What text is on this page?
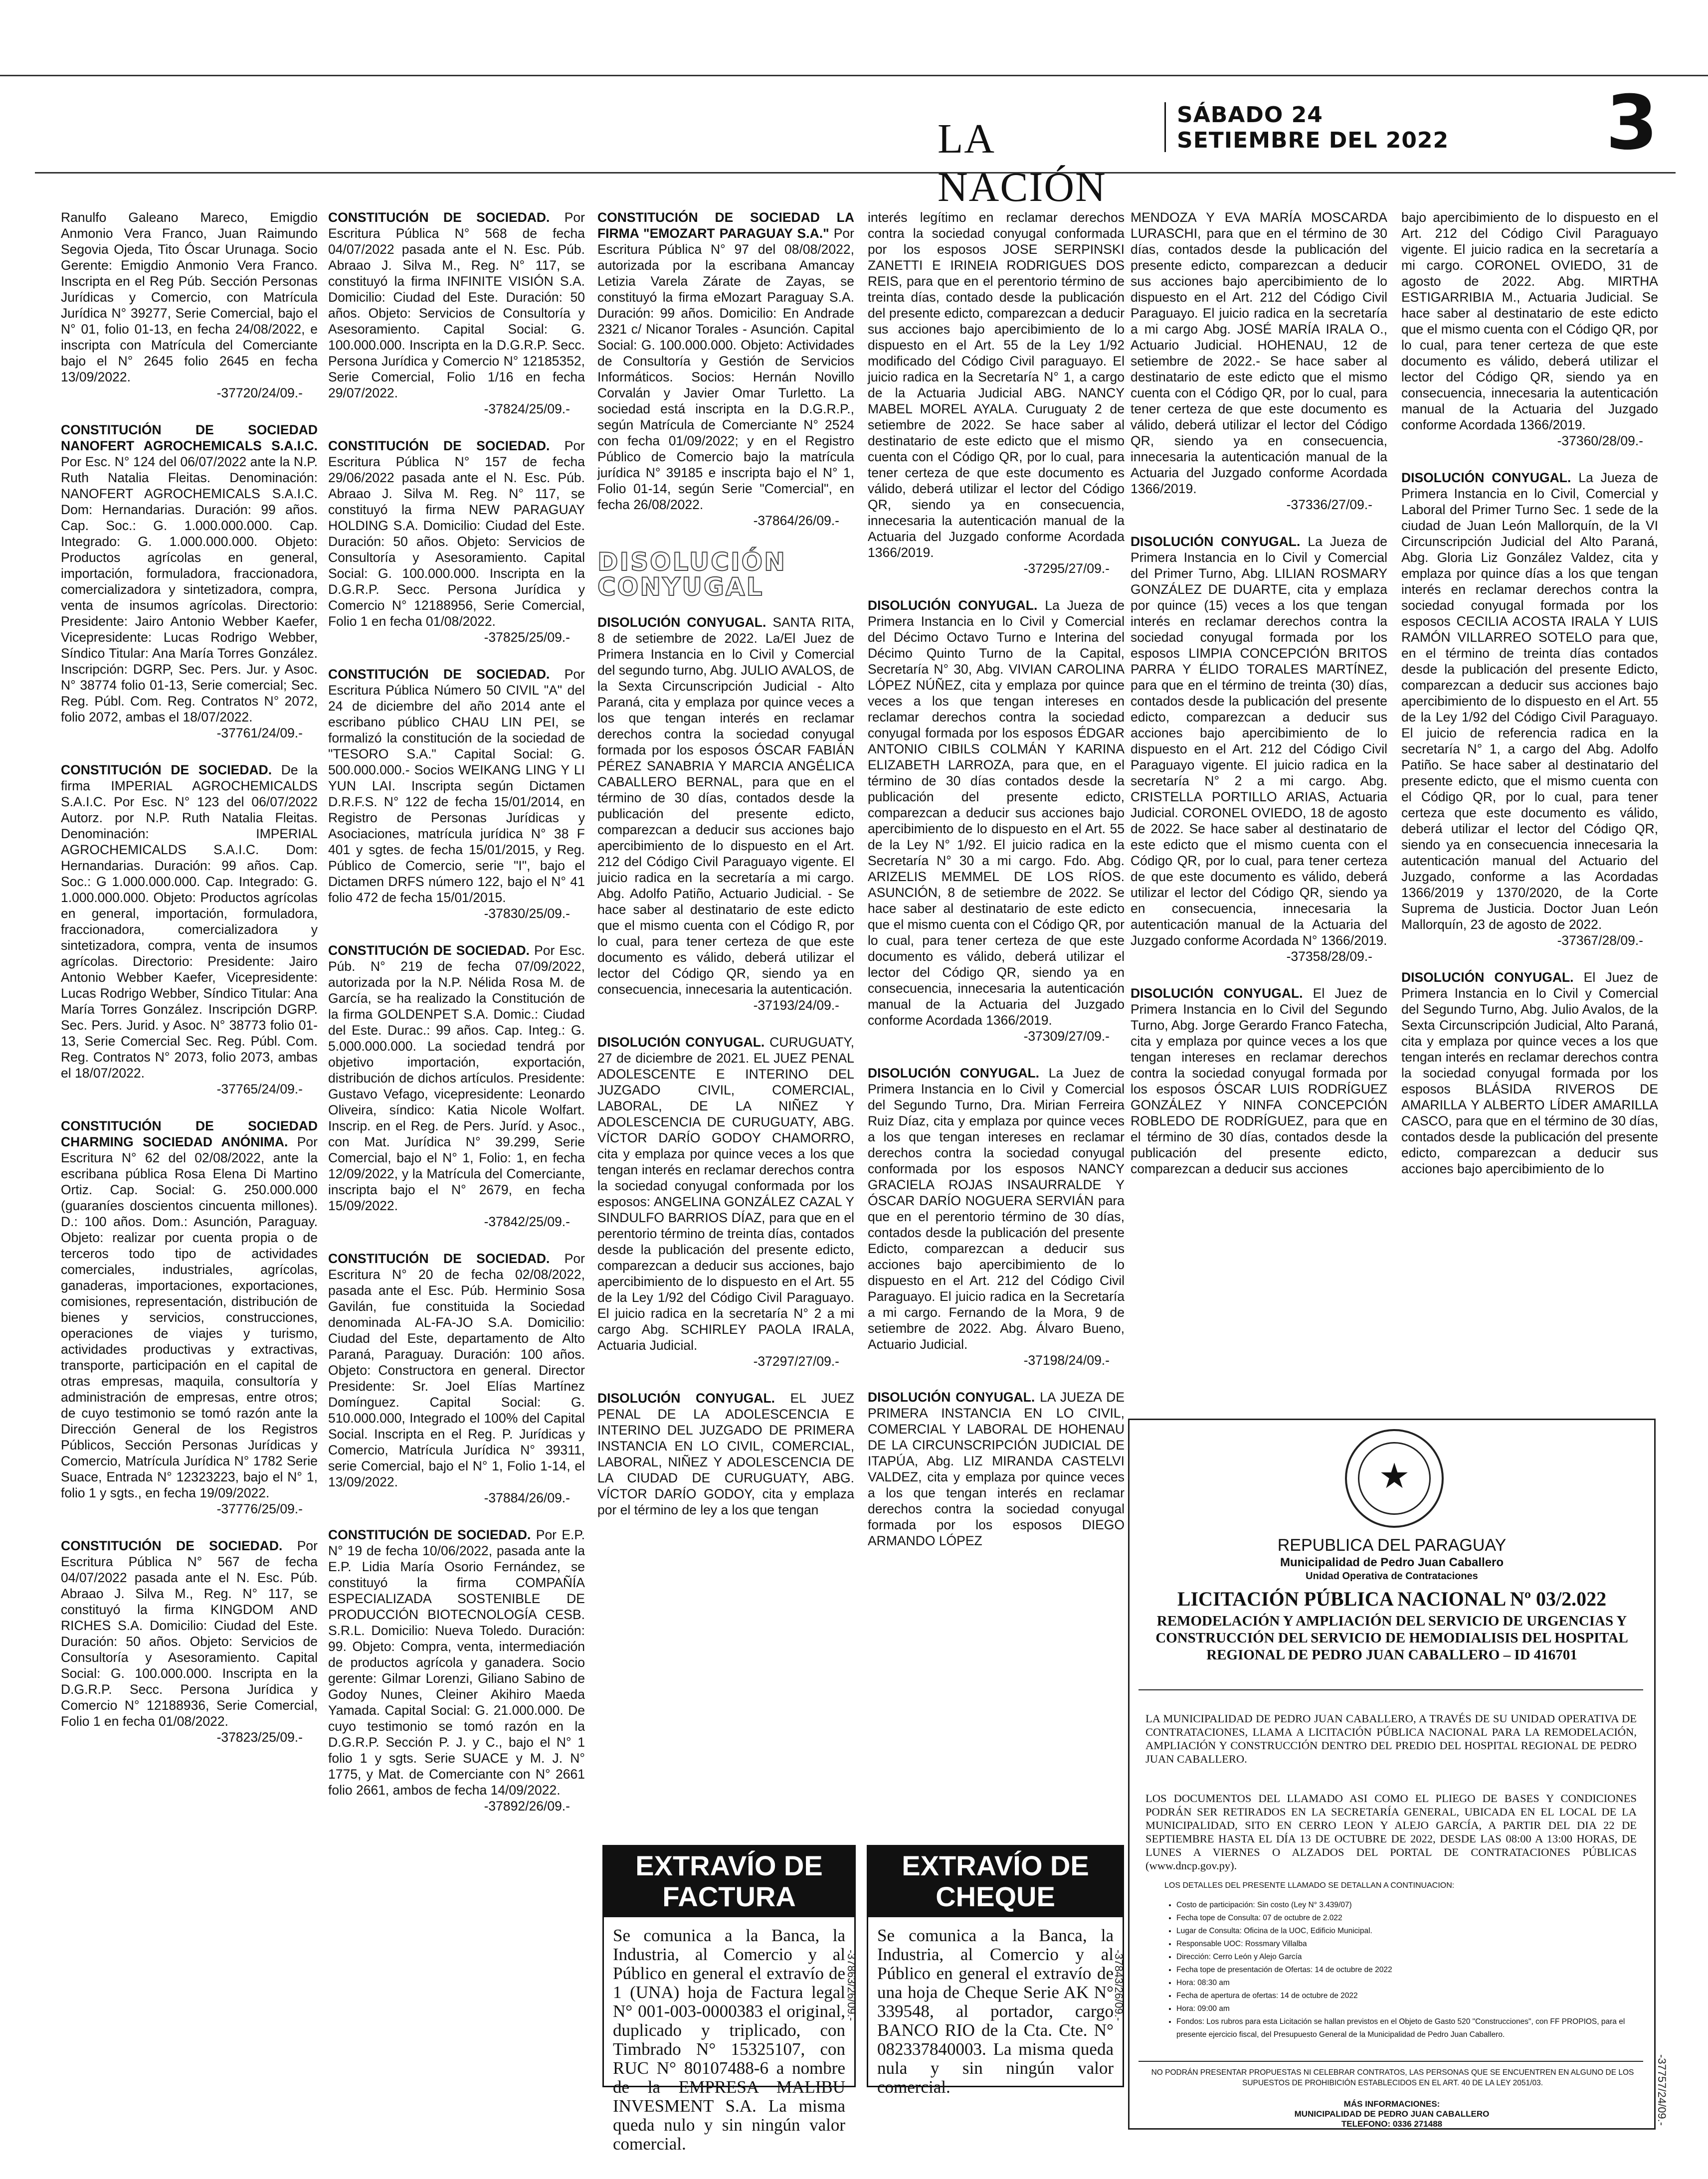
LA NACIÓN
SÁBADO 24
SETIEMBRE DEL 2022 3

Ranulfo Galeano Mareco, Emigdio Anmonio Vera Franco, Juan Raimundo Segovia Ojeda, Tito Óscar Urunaga. Socio Gerente: Emigdio Anmonio Vera Franco. Inscripta en el Reg Púb. Sección Personas Jurídicas y Comercio, con Matrícula Jurídica N° 39277, Serie Comercial, bajo el N° 01, folio 01-13, en fecha 24/08/2022, e inscripta con Matrícula del Comerciante bajo el N° 2645 folio 2645 en fecha 13/09/2022.
-37720/24/09.-

CONSTITUCIÓN DE SOCIEDAD NANOFERT AGROCHEMICALS S.A.I.C. Por Esc. N° 124 del 06/07/2022 ante la N.P. Ruth Natalia Fleitas. Denominación: NANOFERT AGROCHEMICALS S.A.I.C. Dom: Hernandarias. Duración: 99 años. Cap. Soc.: G. 1.000.000.000. Cap. Integrado: G. 1.000.000.000. Objeto: Productos agrícolas en general, importación, formuladora, fraccionadora, comercializadora y sintetizadora, compra, venta de insumos agrícolas. Directorio: Presidente: Jairo Antonio Webber Kaefer, Vicepresidente: Lucas Rodrigo Webber, Síndico Titular: Ana María Torres González. Inscripción: DGRP, Sec. Pers. Jur. y Asoc. N° 38774 folio 01-13, Serie comercial; Sec. Reg. Públ. Com. Reg. Contratos N° 2072, folio 2072, ambas el 18/07/2022.
-37761/24/09.-

CONSTITUCIÓN DE SOCIEDAD. De la firma IMPERIAL AGROCHEMICALDS S.A.I.C. Por Esc. N° 123 del 06/07/2022 Autorz. por N.P. Ruth Natalia Fleitas. Denominación: IMPERIAL AGROCHEMICALDS S.A.I.C. Dom: Hernandarias. Duración: 99 años. Cap. Soc.: G 1.000.000.000. Cap. Integrado: G. 1.000.000.000. Objeto: Productos agrícolas en general, importación, formuladora, fraccionadora, comercializadora y sintetizadora, compra, venta de insumos agrícolas. Directorio: Presidente: Jairo Antonio Webber Kaefer, Vicepresidente: Lucas Rodrigo Webber, Síndico Titular: Ana María Torres González. Inscripción DGRP. Sec. Pers. Jurid. y Asoc. N° 38773 folio 01-13, Serie Comercial Sec. Reg. Públ. Com. Reg. Contratos N° 2073, folio 2073, ambas el 18/07/2022.
-37765/24/09.-

CONSTITUCIÓN DE SOCIEDAD CHARMING SOCIEDAD ANÓNIMA. Por Escritura N° 62 del 02/08/2022, ante la escribana pública Rosa Elena Di Martino Ortiz. Cap. Social: G. 250.000.000 (guaraníes doscientos cincuenta millones). D.: 100 años. Dom.: Asunción, Paraguay. Objeto: realizar por cuenta propia o de terceros todo tipo de actividades comerciales, industriales, agrícolas, ganaderas, importaciones, exportaciones, comisiones, representación, distribución de bienes y servicios, construcciones, operaciones de viajes y turismo, actividades productivas y extractivas, transporte, participación en el capital de otras empresas, maquila, consultoría y administración de empresas, entre otros; de cuyo testimonio se tomó razón ante la Dirección General de los Registros Públicos, Sección Personas Jurídicas y Comercio, Matrícula Jurídica N° 1782 Serie Suace, Entrada N° 12323223, bajo el N° 1, folio 1 y sgts., en fecha 19/09/2022.
-37776/25/09.-

CONSTITUCIÓN DE SOCIEDAD. Por Escritura Pública N° 567 de fecha 04/07/2022 pasada ante el N. Esc. Púb. Abraao J. Silva M., Reg. N° 117, se constituyó la firma KINGDOM AND RICHES S.A. Domicilio: Ciudad del Este. Duración: 50 años. Objeto: Servicios de Consultoría y Asesoramiento. Capital Social: G. 100.000.000. Inscripta en la D.G.R.P. Secc. Persona Jurídica y Comercio N° 12188936, Serie Comercial, Folio 1 en fecha 01/08/2022.
-37823/25/09.-

CONSTITUCIÓN DE SOCIEDAD. Por Escritura Pública N° 568 de fecha 04/07/2022 pasada ante el N. Esc. Púb. Abraao J. Silva M., Reg. N° 117, se constituyó la firma INFINITE VISIÓN S.A. Domicilio: Ciudad del Este. Duración: 50 años. Objeto: Servicios de Consultoría y Asesoramiento. Capital Social: G. 100.000.000. Inscripta en la D.G.R.P. Secc. Persona Jurídica y Comercio N° 12185352, Serie Comercial, Folio 1/16 en fecha 29/07/2022.
-37824/25/09.-

CONSTITUCIÓN DE SOCIEDAD. Por Escritura Pública N° 157 de fecha 29/06/2022 pasada ante el N. Esc. Púb. Abraao J. Silva M. Reg. N° 117, se constituyó la firma NEW PARAGUAY HOLDING S.A. Domicilio: Ciudad del Este. Duración: 50 años. Objeto: Servicios de Consultoría y Asesoramiento. Capital Social: G. 100.000.000. Inscripta en la D.G.R.P. Secc. Persona Jurídica y Comercio N° 12188956, Serie Comercial, Folio 1 en fecha 01/08/2022.
-37825/25/09.-

CONSTITUCIÓN DE SOCIEDAD. Por Escritura Pública Número 50 CIVIL "A" del 24 de diciembre del año 2014 ante el escribano público CHAU LIN PEI, se formalizó la constitución de la sociedad de "TESORO S.A." Capital Social: G. 500.000.000.- Socios WEIKANG LING Y LI YUN LAI. Inscripta según Dictamen D.R.F.S. N° 122 de fecha 15/01/2014, en Registro de Personas Jurídicas y Asociaciones, matrícula jurídica N° 38 F 401 y sgtes. de fecha 15/01/2015, y Reg. Público de Comercio, serie "I", bajo el Dictamen DRFS número 122, bajo el N° 41 folio 472 de fecha 15/01/2015.
-37830/25/09.-

CONSTITUCIÓN DE SOCIEDAD. Por Esc. Púb. N° 219 de fecha 07/09/2022, autorizada por la N.P. Nélida Rosa M. de García, se ha realizado la Constitución de la firma GOLDENPET S.A. Domic.: Ciudad del Este. Durac.: 99 años. Cap. Integ.: G. 5.000.000.000. La sociedad tendrá por objetivo importación, exportación, distribución de dichos artículos. Presidente: Gustavo Vefago, vicepresidente: Leonardo Oliveira, síndico: Katia Nicole Wolfart. Inscrip. en el Reg. de Pers. Juríd. y Asoc., con Mat. Jurídica N° 39.299, Serie Comercial, bajo el N° 1, Folio: 1, en fecha 12/09/2022, y la Matrícula del Comerciante, inscripta bajo el N° 2679, en fecha 15/09/2022.
-37842/25/09.-

CONSTITUCIÓN DE SOCIEDAD. Por Escritura N° 20 de fecha 02/08/2022, pasada ante el Esc. Púb. Herminio Sosa Gavilán, fue constituida la Sociedad denominada AL-FA-JO S.A. Domicilio: Ciudad del Este, departamento de Alto Paraná, Paraguay. Duración: 100 años. Objeto: Constructora en general. Director Presidente: Sr. Joel Elías Martínez Domínguez. Capital Social: G. 510.000.000, Integrado el 100% del Capital Social. Inscripta en el Reg. P. Jurídicas y Comercio, Matrícula Jurídica N° 39311, serie Comercial, bajo el N° 1, Folio 1-14, el 13/09/2022.
-37884/26/09.-

CONSTITUCIÓN DE SOCIEDAD. Por E.P. N° 19 de fecha 10/06/2022, pasada ante la E.P. Lidia María Osorio Fernández, se constituyó la firma COMPAÑÍA ESPECIALIZADA SOSTENIBLE DE PRODUCCIÓN BIOTECNOLOGÍA CESB. S.R.L. Domicilio: Nueva Toledo. Duración: 99. Objeto: Compra, venta, intermediación de productos agrícola y ganadera. Socio gerente: Gilmar Lorenzi, Giliano Sabino de Godoy Nunes, Cleiner Akihiro Maeda Yamada. Capital Social: G. 21.000.000. De cuyo testimonio se tomó razón en la D.G.R.P. Sección P. J. y C., bajo el N° 1 folio 1 y sgts. Serie SUACE y M. J. N° 1775, y Mat. de Comerciante con N° 2661 folio 2661, ambos de fecha 14/09/2022.
-37892/26/09.-

CONSTITUCIÓN DE SOCIEDAD LA FIRMA "EMOZART PARAGUAY S.A." Por Escritura Pública N° 97 del 08/08/2022, autorizada por la escribana Amancay Letizia Varela Zárate de Zayas, se constituyó la firma eMozart Paraguay S.A. Duración: 99 años. Domicilio: En Andrade 2321 c/ Nicanor Torales - Asunción. Capital Social: G. 100.000.000. Objeto: Actividades de Consultoría y Gestión de Servicios Informáticos. Socios: Hernán Novillo Corvalán y Javier Omar Turletto. La sociedad está inscripta en la D.G.R.P., según Matrícula de Comerciante N° 2524 con fecha 01/09/2022; y en el Registro Público de Comercio bajo la matrícula jurídica N° 39185 e inscripta bajo el N° 1, Folio 01-14, según Serie "Comercial", en fecha 26/08/2022.
-37864/26/09.-

DISOLUCIÓN CONYUGAL

DISOLUCIÓN CONYUGAL. SANTA RITA, 8 de setiembre de 2022. La/El Juez de Primera Instancia en lo Civil y Comercial del segundo turno, Abg. JULIO AVALOS, de la Sexta Circunscripción Judicial - Alto Paraná, cita y emplaza por quince veces a los que tengan interés en reclamar derechos contra la sociedad conyugal formada por los esposos ÓSCAR FABIÁN PÉREZ SANABRIA Y MARCIA ANGÉLICA CABALLERO BERNAL, para que en el término de 30 días, contados desde la publicación del presente edicto, comparezcan a deducir sus acciones bajo apercibimiento de lo dispuesto en el Art. 212 del Código Civil Paraguayo vigente. El juicio radica en la secretaría a mi cargo. Abg. Adolfo Patiño, Actuario Judicial. - Se hace saber al destinatario de este edicto que el mismo cuenta con el Código R, por lo cual, para tener certeza de que este documento es válido, deberá utilizar el lector del Código QR, siendo ya en consecuencia, innecesaria la autenticación.
-37193/24/09.-

DISOLUCIÓN CONYUGAL. CURUGUATY, 27 de diciembre de 2021. EL JUEZ PENAL ADOLESCENTE E INTERINO DEL JUZGADO CIVIL, COMERCIAL, LABORAL, DE LA NIÑEZ Y ADOLESCENCIA DE CURUGUATY, ABG. VÍCTOR DARÍO GODOY CHAMORRO, cita y emplaza por quince veces a los que tengan interés en reclamar derechos contra la sociedad conyugal conformada por los esposos: ANGELINA GONZÁLEZ CAZAL Y SINDULFO BARRIOS DÍAZ, para que en el perentorio término de treinta días, contados desde la publicación del presente edicto, comparezcan a deducir sus acciones, bajo apercibimiento de lo dispuesto en el Art. 55 de la Ley 1/92 del Código Civil Paraguayo. El juicio radica en la secretaría N° 2 a mi cargo Abg. SCHIRLEY PAOLA IRALA, Actuaria Judicial.
-37297/27/09.-

DISOLUCIÓN CONYUGAL. EL JUEZ PENAL DE LA ADOLESCENCIA E INTERINO DEL JUZGADO DE PRIMERA INSTANCIA EN LO CIVIL, COMERCIAL, LABORAL, NIÑEZ Y ADOLESCENCIA DE LA CIUDAD DE CURUGUATY, ABG. VÍCTOR DARÍO GODOY, cita y emplaza por el término de ley a los que tengan

interés legítimo en reclamar derechos contra la sociedad conyugal conformada por los esposos JOSE SERPINSKI ZANETTI E IRINEIA RODRIGUES DOS REIS, para que en el perentorio término de treinta días, contado desde la publicación del presente edicto, comparezcan a deducir sus acciones bajo apercibimiento de lo dispuesto en el Art. 55 de la Ley 1/92 modificado del Código Civil paraguayo. El juicio radica en la Secretaría N° 1, a cargo de la Actuaria Judicial ABG. NANCY MABEL MOREL AYALA. Curuguaty 2 de setiembre de 2022. Se hace saber al destinatario de este edicto que el mismo cuenta con el Código QR, por lo cual, para tener certeza de que este documento es válido, deberá utilizar el lector del Código QR, siendo ya en consecuencia, innecesaria la autenticación manual de la Actuaria del Juzgado conforme Acordada 1366/2019.
-37295/27/09.-

DISOLUCIÓN CONYUGAL. La Jueza de Primera Instancia en lo Civil y Comercial del Décimo Octavo Turno e Interina del Décimo Quinto Turno de la Capital, Secretaría N° 30, Abg. VIVIAN CAROLINA LÓPEZ NÚÑEZ, cita y emplaza por quince veces a los que tengan intereses en reclamar derechos contra la sociedad conyugal formada por los esposos ÉDGAR ANTONIO CIBILS COLMÁN Y KARINA ELIZABETH LARROZA, para que, en el término de 30 días contados desde la publicación del presente edicto, comparezcan a deducir sus acciones bajo apercibimiento de lo dispuesto en el Art. 55 de la Ley N° 1/92. El juicio radica en la Secretaría N° 30 a mi cargo. Fdo. Abg. ARIZELIS MEMMEL DE LOS RÍOS. ASUNCIÓN, 8 de setiembre de 2022. Se hace saber al destinatario de este edicto que el mismo cuenta con el Código QR, por lo cual, para tener certeza de que este documento es válido, deberá utilizar el lector del Código QR, siendo ya en consecuencia, innecesaria la autenticación manual de la Actuaria del Juzgado conforme Acordada 1366/2019.
-37309/27/09.-

DISOLUCIÓN CONYUGAL. La Juez de Primera Instancia en lo Civil y Comercial del Segundo Turno, Dra. Mirian Ferreira Ruiz Díaz, cita y emplaza por quince veces a los que tengan intereses en reclamar derechos contra la sociedad conyugal conformada por los esposos NANCY GRACIELA ROJAS INSAURRALDE Y ÓSCAR DARÍO NOGUERA SERVIÁN para que en el perentorio término de 30 días, contados desde la publicación del presente Edicto, comparezcan a deducir sus acciones bajo apercibimiento de lo dispuesto en el Art. 212 del Código Civil Paraguayo. El juicio radica en la Secretaría a mi cargo. Fernando de la Mora, 9 de setiembre de 2022. Abg. Álvaro Bueno, Actuario Judicial.
-37198/24/09.-

DISOLUCIÓN CONYUGAL. LA JUEZA DE PRIMERA INSTANCIA EN LO CIVIL, COMERCIAL Y LABORAL DE HOHENAU DE LA CIRCUNSCRIPCIÓN JUDICIAL DE ITAPÚA, Abg. LIZ MIRANDA CASTELVI VALDEZ, cita y emplaza por quince veces a los que tengan interés en reclamar derechos contra la sociedad conyugal formada por los esposos DIEGO ARMANDO LÓPEZ

MENDOZA Y EVA MARÍA MOSCARDA LURASCHI, para que en el término de 30 días, contados desde la publicación del presente edicto, comparezcan a deducir sus acciones bajo apercibimiento de lo dispuesto en el Art. 212 del Código Civil Paraguayo. El juicio radica en la secretaría a mi cargo Abg. JOSÉ MARÍA IRALA O., Actuario Judicial. HOHENAU, 12 de setiembre de 2022.- Se hace saber al destinatario de este edicto que el mismo cuenta con el Código QR, por lo cual, para tener certeza de que este documento es válido, deberá utilizar el lector del Código QR, siendo ya en consecuencia, innecesaria la autenticación manual de la Actuaria del Juzgado conforme Acordada 1366/2019.
-37336/27/09.-

DISOLUCIÓN CONYUGAL. La Jueza de Primera Instancia en lo Civil y Comercial del Primer Turno, Abg. LILIAN ROSMARY GONZÁLEZ DE DUARTE, cita y emplaza por quince (15) veces a los que tengan interés en reclamar derechos contra la sociedad conyugal formada por los esposos LIMPIA CONCEPCIÓN BRITOS PARRA Y ÉLIDO TORALES MARTÍNEZ, para que en el término de treinta (30) días, contados desde la publicación del presente edicto, comparezcan a deducir sus acciones bajo apercibimiento de lo dispuesto en el Art. 212 del Código Civil Paraguayo vigente. El juicio radica en la secretaría N° 2 a mi cargo. Abg. CRISTELLA PORTILLO ARIAS, Actuaria Judicial. CORONEL OVIEDO, 18 de agosto de 2022. Se hace saber al destinatario de este edicto que el mismo cuenta con el Código QR, por lo cual, para tener certeza de que este documento es válido, deberá utilizar el lector del Código QR, siendo ya en consecuencia, innecesaria la autenticación manual de la Actuaria del Juzgado conforme Acordada N° 1366/2019.
-37358/28/09.-

DISOLUCIÓN CONYUGAL. El Juez de Primera Instancia en lo Civil del Segundo Turno, Abg. Jorge Gerardo Franco Fatecha, cita y emplaza por quince veces a los que tengan intereses en reclamar derechos contra la sociedad conyugal formada por los esposos ÓSCAR LUIS RODRÍGUEZ GONZÁLEZ Y NINFA CONCEPCIÓN ROBLEDO DE RODRÍGUEZ, para que en el término de 30 días, contados desde la publicación del presente edicto, comparezcan a deducir sus acciones

bajo apercibimiento de lo dispuesto en el Art. 212 del Código Civil Paraguayo vigente. El juicio radica en la secretaría a mi cargo. CORONEL OVIEDO, 31 de agosto de 2022. Abg. MIRTHA ESTIGARRIBIA M., Actuaria Judicial. Se hace saber al destinatario de este edicto que el mismo cuenta con el Código QR, por lo cual, para tener certeza de que este documento es válido, deberá utilizar el lector del Código QR, siendo ya en consecuencia, innecesaria la autenticación manual de la Actuaria del Juzgado conforme Acordada 1366/2019.
-37360/28/09.-

DISOLUCIÓN CONYUGAL. La Jueza de Primera Instancia en lo Civil, Comercial y Laboral del Primer Turno Sec. 1 sede de la ciudad de Juan León Mallorquín, de la VI Circunscripción Judicial del Alto Paraná, Abg. Gloria Liz González Valdez, cita y emplaza por quince días a los que tengan interés en reclamar derechos contra la sociedad conyugal formada por los esposos CECILIA ACOSTA IRALA Y LUIS RAMÓN VILLARREO SOTELO para que, en el término de treinta días contados desde la publicación del presente Edicto, comparezcan a deducir sus acciones bajo apercibimiento de lo dispuesto en el Art. 55 de la Ley 1/92 del Código Civil Paraguayo. El juicio de referencia radica en la secretaría N° 1, a cargo del Abg. Adolfo Patiño. Se hace saber al destinatario del presente edicto, que el mismo cuenta con el Código QR, por lo cual, para tener certeza que este documento es válido, deberá utilizar el lector del Código QR, siendo ya en consecuencia innecesaria la autenticación manual del Actuario del Juzgado, conforme a las Acordadas 1366/2019 y 1370/2020, de la Corte Suprema de Justicia. Doctor Juan León Mallorquín, 23 de agosto de 2022.
-37367/28/09.-

DISOLUCIÓN CONYUGAL. El Juez de Primera Instancia en lo Civil y Comercial del Segundo Turno, Abg. Julio Avalos, de la Sexta Circunscripción Judicial, Alto Paraná, cita y emplaza por quince veces a los que tengan interés en reclamar derechos contra la sociedad conyugal formada por los esposos BLÁSIDA RIVEROS DE AMARILLA Y ALBERTO LÍDER AMARILLA CASCO, para que en el término de 30 días, contados desde la publicación del presente edicto, comparezcan a deducir sus acciones bajo apercibimiento de lo

EXTRAVÍO DE FACTURA
Se comunica a la Banca, la Industria, al Comercio y al Público en general el extravío de 1 (UNA) hoja de Factura legal N° 001-003-0000383 el original, duplicado y triplicado, con Timbrado N° 15325107, con RUC N° 80107488-6 a nombre de la EMPRESA MALIBU INVESMENT S.A. La misma queda nulo y sin ningún valor comercial.
-37863/26/09.-
EXTRAVÍO DE CHEQUE
Se comunica a la Banca, la Industria, al Comercio y al Público en general el extravío de una hoja de Cheque Serie AK N° 339548, al portador, cargo BANCO RIO de la Cta. Cte. N° 082337840003. La misma queda nula y sin ningún valor comercial.
-37843/26/09.-
★
REPUBLICA DEL PARAGUAY
Municipalidad de Pedro Juan Caballero
Unidad Operativa de Contrataciones
LICITACIÓN PÚBLICA NACIONAL Nº 03/2.022
REMODELACIÓN Y AMPLIACIÓN DEL SERVICIO DE URGENCIAS Y CONSTRUCCIÓN DEL SERVICIO DE HEMODIALISIS DEL HOSPITAL REGIONAL DE PEDRO JUAN CABALLERO – ID 416701
LA MUNICIPALIDAD DE PEDRO JUAN CABALLERO, A TRAVÉS DE SU UNIDAD OPERATIVA DE CONTRATACIONES, LLAMA A LICITACIÓN PÚBLICA NACIONAL PARA LA REMODELACIÓN, AMPLIACIÓN Y CONSTRUCCIÓN DENTRO DEL PREDIO DEL HOSPITAL REGIONAL DE PEDRO JUAN CABALLERO.
LOS DOCUMENTOS DEL LLAMADO ASI COMO EL PLIEGO DE BASES Y CONDICIONES PODRÁN SER RETIRADOS EN LA SECRETARÍA GENERAL, UBICADA EN EL LOCAL DE LA MUNICIPALIDAD, SITO EN CERRO LEON Y ALEJO GARCÍA, A PARTIR DEL DIA 22 DE SEPTIEMBRE HASTA EL DÍA 13 DE OCTUBRE DE 2022, DESDE LAS 08:00 A 13:00 HORAS, DE LUNES A VIERNES O ALZADOS DEL PORTAL DE CONTRATACIONES PÚBLICAS (www.dncp.gov.py).
LOS DETALLES DEL PRESENTE LLAMADO SE DETALLAN A CONTINUACION:
• Costo de participación: Sin costo (Ley N° 3.439/07)
• Fecha tope de Consulta: 07 de octubre de 2.022
• Lugar de Consulta: Oficina de la UOC, Edificio Municipal.
• Responsable UOC: Rossmary Villalba
• Dirección: Cerro León y Alejo García
• Fecha tope de presentación de Ofertas: 14 de octubre de 2022
• Hora: 08:30 am
• Fecha de apertura de ofertas: 14 de octubre de 2022
• Hora: 09:00 am
• Fondos: Los rubros para esta Licitación se hallan previstos en el Objeto de Gasto 520 "Construcciones", con FF PROPIOS, para el presente ejercicio fiscal, del Presupuesto General de la Municipalidad de Pedro Juan Caballero.
NO PODRÁN PRESENTAR PROPUESTAS NI CELEBRAR CONTRATOS, LAS PERSONAS QUE SE ENCUENTREN EN ALGUNO DE LOS SUPUESTOS DE PROHIBICIÓN ESTABLECIDOS EN EL ART. 40 DE LA LEY 2051/03.
MÁS INFORMACIONES:
MUNICIPALIDAD DE PEDRO JUAN CABALLERO
TELEFONO: 0336 271488	-37757/24/09.-
